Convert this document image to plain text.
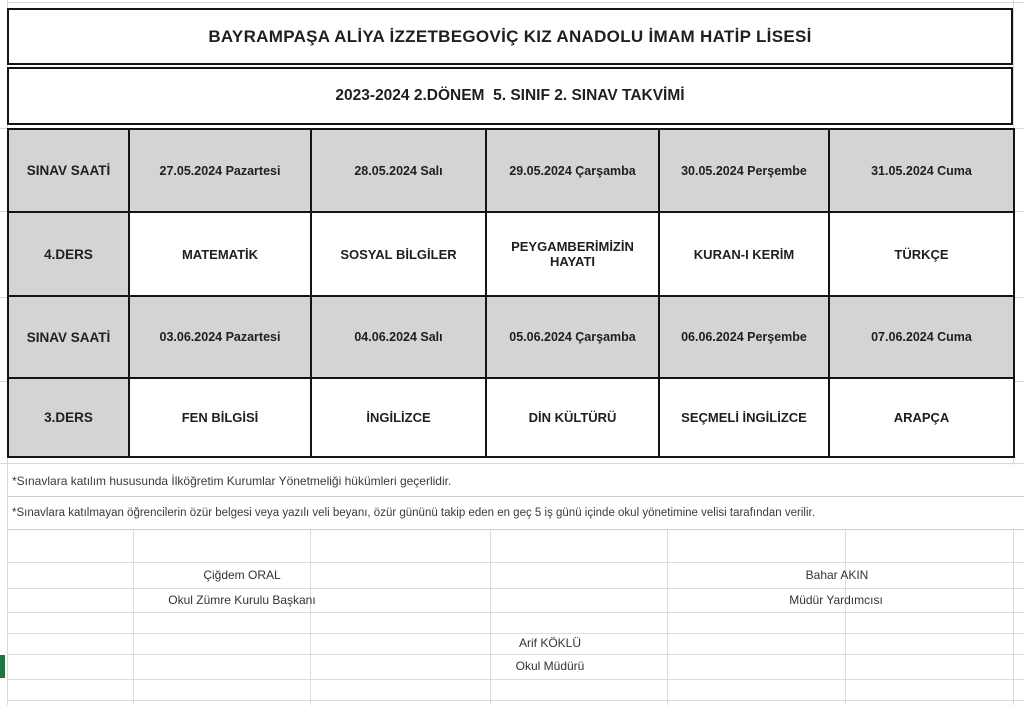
BAYRAMPAŞA ALİYA İZZETBEGOVİÇ KIZ ANADOLU İMAM HATİP LİSESİ
2023-2024 2.DÖNEM  5. SINIF 2. SINAV TAKVİMİ
SINAV SAATİ	27.05.2024 Pazartesi	28.05.2024 Salı	29.05.2024 Çarşamba	30.05.2024 Perşembe	31.05.2024 Cuma
4.DERS	MATEMATİK	SOSYAL BİLGİLER	PEYGAMBERİMİZİN HAYATI	KURAN-I KERİM	TÜRKÇE
SINAV SAATİ	03.06.2024 Pazartesi	04.06.2024 Salı	05.06.2024 Çarşamba	06.06.2024 Perşembe	07.06.2024 Cuma
3.DERS	FEN BİLGİSİ	İNGİLİZCE	DİN KÜLTÜRÜ	SEÇMELİ İNGİLİZCE	ARAPÇA
*Sınavlara katılım hususunda İlköğretim Kurumlar Yönetmeliği hükümleri geçerlidir.
*Sınavlara katılmayan öğrencilerin özür belgesi veya yazılı veli beyanı, özür gününü takip eden en geç 5 iş günü içinde okul yönetimine velisi tarafından verilir.
Çiğdem ORAL
Okul Zümre Kurulu Başkanı
Bahar AKIN
Müdür Yardımcısı
Arif KÖKLÜ
Okul Müdürü
